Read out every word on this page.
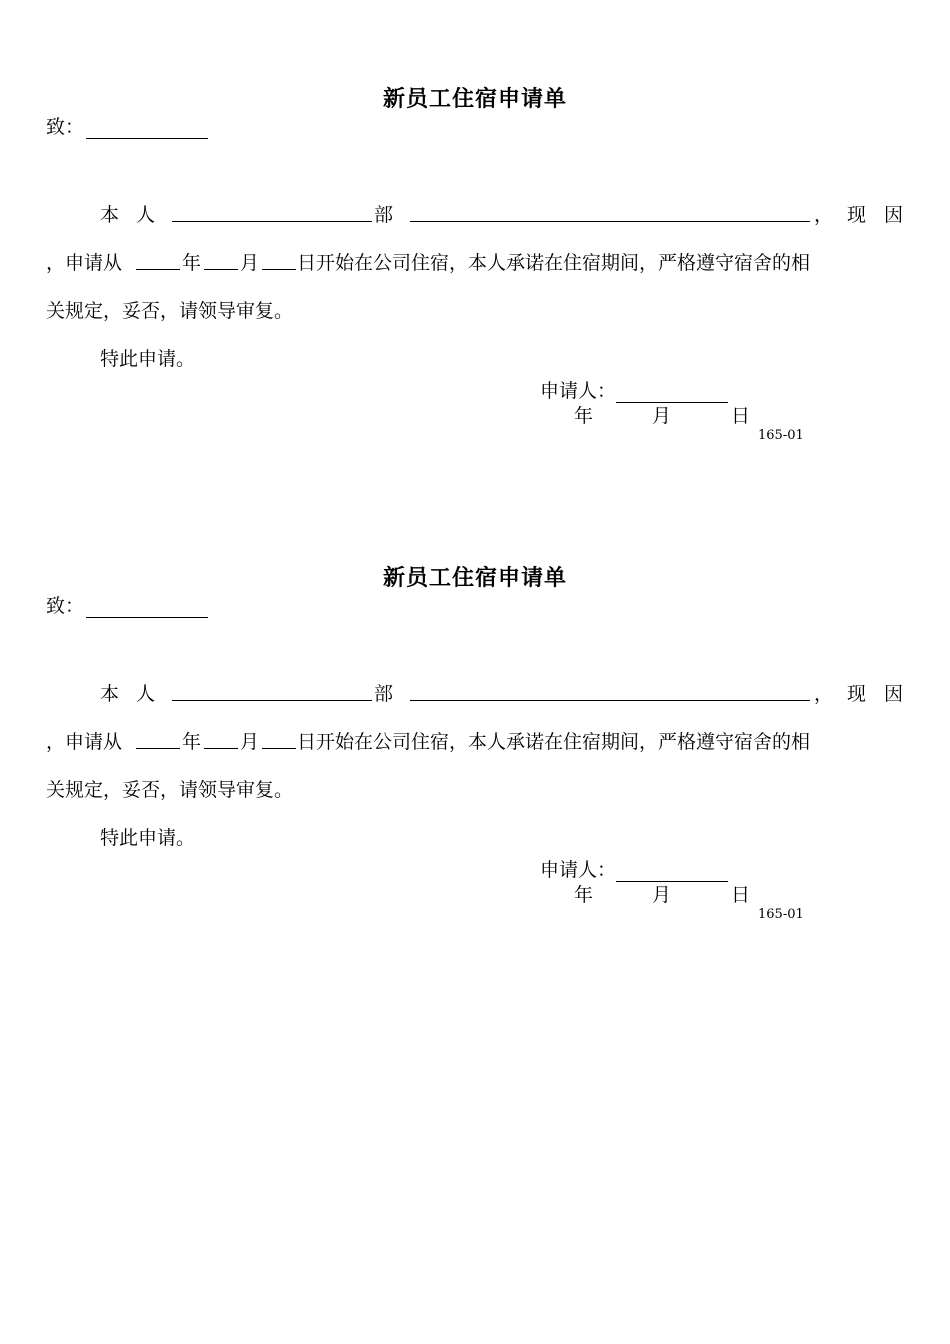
新员工住宿申请单
致：
本 人	部	， 现 因
，申请从	年 月 日开始在公司住宿，本人承诺在住宿期间，严格遵守宿舍的相
关规定，妥否，请领导审复。
特此申请。
申请人：
年	月	日
165-01
新员工住宿申请单
致：
本 人	部	， 现 因
，申请从	年 月 日开始在公司住宿，本人承诺在住宿期间，严格遵守宿舍的相
关规定，妥否，请领导审复。
特此申请。
申请人：
年	月	日
165-01
